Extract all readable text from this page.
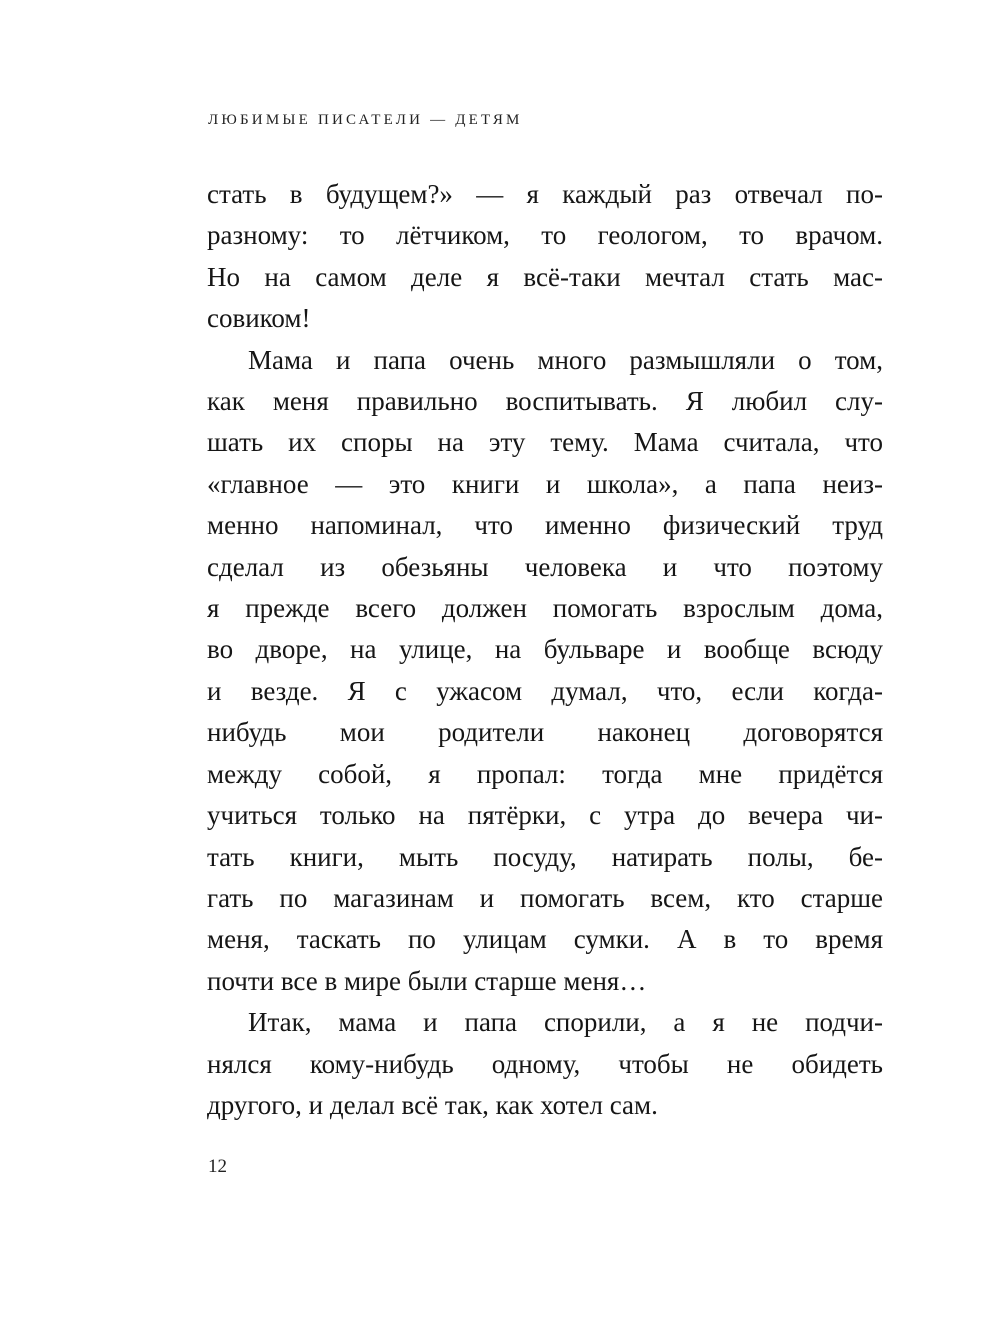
ЛЮБИМЫЕ ПИСАТЕЛИ — ДЕТЯМ
стать в будущем?» — я каждый раз отвечал по-
разному: то лётчиком, то геологом, то врачом.
Но на самом деле я всё-таки мечтал стать мас-
совиком!
Мама и папа очень много размышляли о том,
как меня правильно воспитывать. Я любил слу-
шать их споры на эту тему. Мама считала, что
«главное — это книги и школа», а папа неиз-
менно напоминал, что именно физический труд
сделал из обезьяны человека и что поэтому
я прежде всего должен помогать взрослым дома,
во дворе, на улице, на бульваре и вообще всюду
и везде. Я с ужасом думал, что, если когда-
нибудь мои родители наконец договорятся
между собой, я пропал: тогда мне придётся
учиться только на пятёрки, с утра до вечера чи-
тать книги, мыть посуду, натирать полы, бе-
гать по магазинам и помогать всем, кто старше
меня, таскать по улицам сумки. А в то время
почти все в мире были старше меня…
Итак, мама и папа спорили, а я не подчи-
нялся кому-нибудь одному, чтобы не обидеть
другого, и делал всё так, как хотел сам.
12
